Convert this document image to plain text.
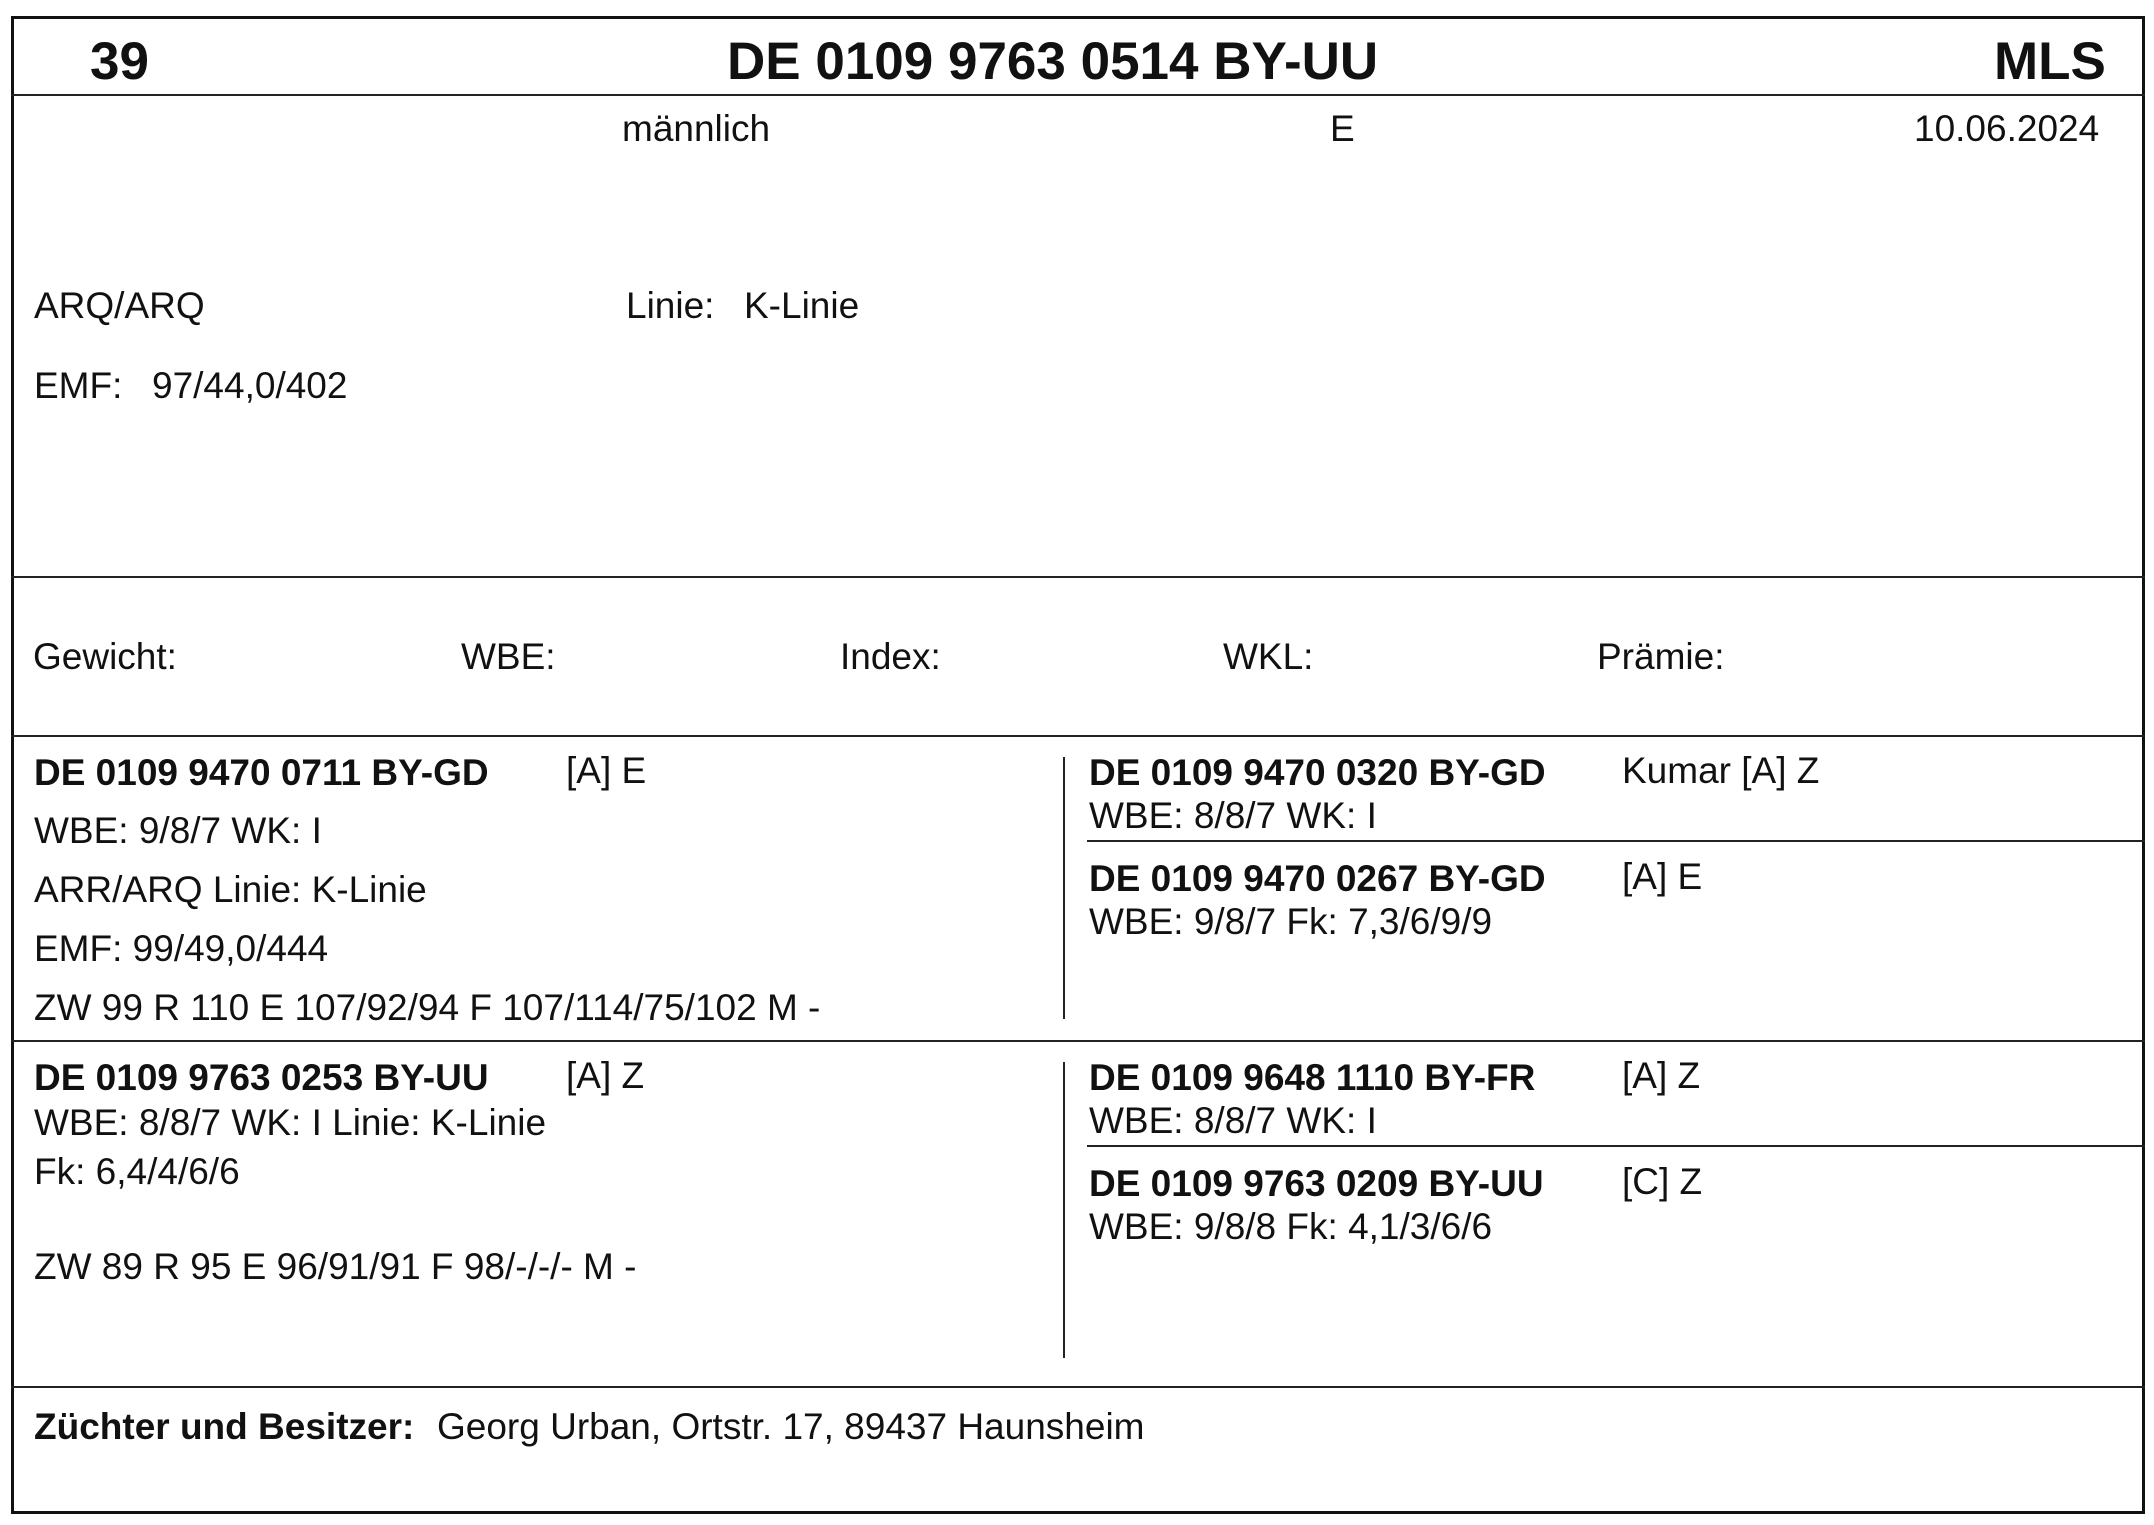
39	DE 0109 9763 0514 BY-UU	MLS
männlich	E	10.06.2024
ARQ/ARQ	Linie: K-Linie
EMF: 97/44,0/402
Gewicht:	WBE:	Index:	WKL:	Prämie:
DE 0109 9470 0711 BY-GD [A] E
WBE: 9/8/7 WK: I
ARR/ARQ Linie: K-Linie
EMF: 99/49,0/444
ZW 99 R 110 E 107/92/94 F 107/114/75/102 M -
DE 0109 9470 0320 BY-GD Kumar [A] Z
WBE: 8/8/7 WK: I
DE 0109 9470 0267 BY-GD [A] E
WBE: 9/8/7 Fk: 7,3/6/9/9
DE 0109 9763 0253 BY-UU [A] Z
WBE: 8/8/7 WK: I Linie: K-Linie
Fk: 6,4/4/6/6
ZW 89 R 95 E 96/91/91 F 98/-/-/- M -
DE 0109 9648 1110 BY-FR [A] Z
WBE: 8/8/7 WK: I
DE 0109 9763 0209 BY-UU [C] Z
WBE: 9/8/8 Fk: 4,1/3/6/6
Züchter und Besitzer: Georg Urban, Ortstr. 17, 89437 Haunsheim
